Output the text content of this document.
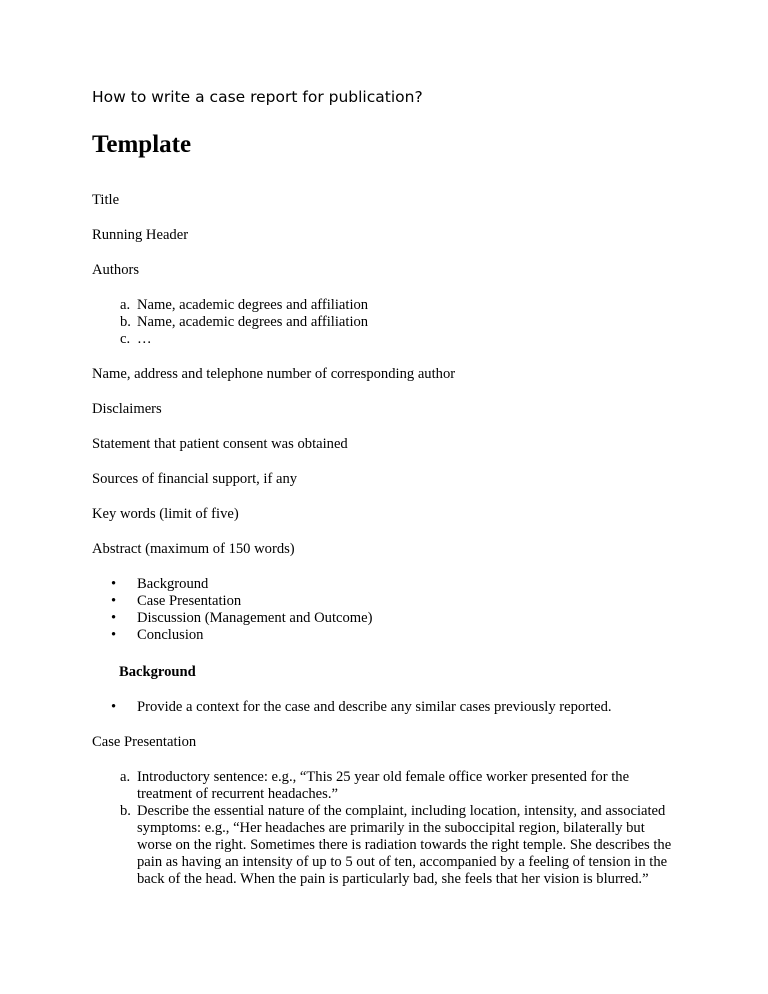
How to write a case report for publication?
Template

Title

Running Header

Authors

a. Name, academic degrees and affiliation
b. Name, academic degrees and affiliation
c. …

Name, address and telephone number of corresponding author

Disclaimers

Statement that patient consent was obtained

Sources of financial support, if any

Key words (limit of five)

Abstract (maximum of 150 words)

• Background
• Case Presentation
• Discussion (Management and Outcome)
• Conclusion

Background

• Provide a context for the case and describe any similar cases previously reported.

Case Presentation

a. Introductory sentence: e.g., “This 25 year old female office worker presented for the treatment of recurrent headaches.”
b. Describe the essential nature of the complaint, including location, intensity, and associated symptoms: e.g., “Her headaches are primarily in the suboccipital region, bilaterally but worse on the right. Sometimes there is radiation towards the right temple. She describes the pain as having an intensity of up to 5 out of ten, accompanied by a feeling of tension in the back of the head. When the pain is particularly bad, she feels that her vision is blurred.”
